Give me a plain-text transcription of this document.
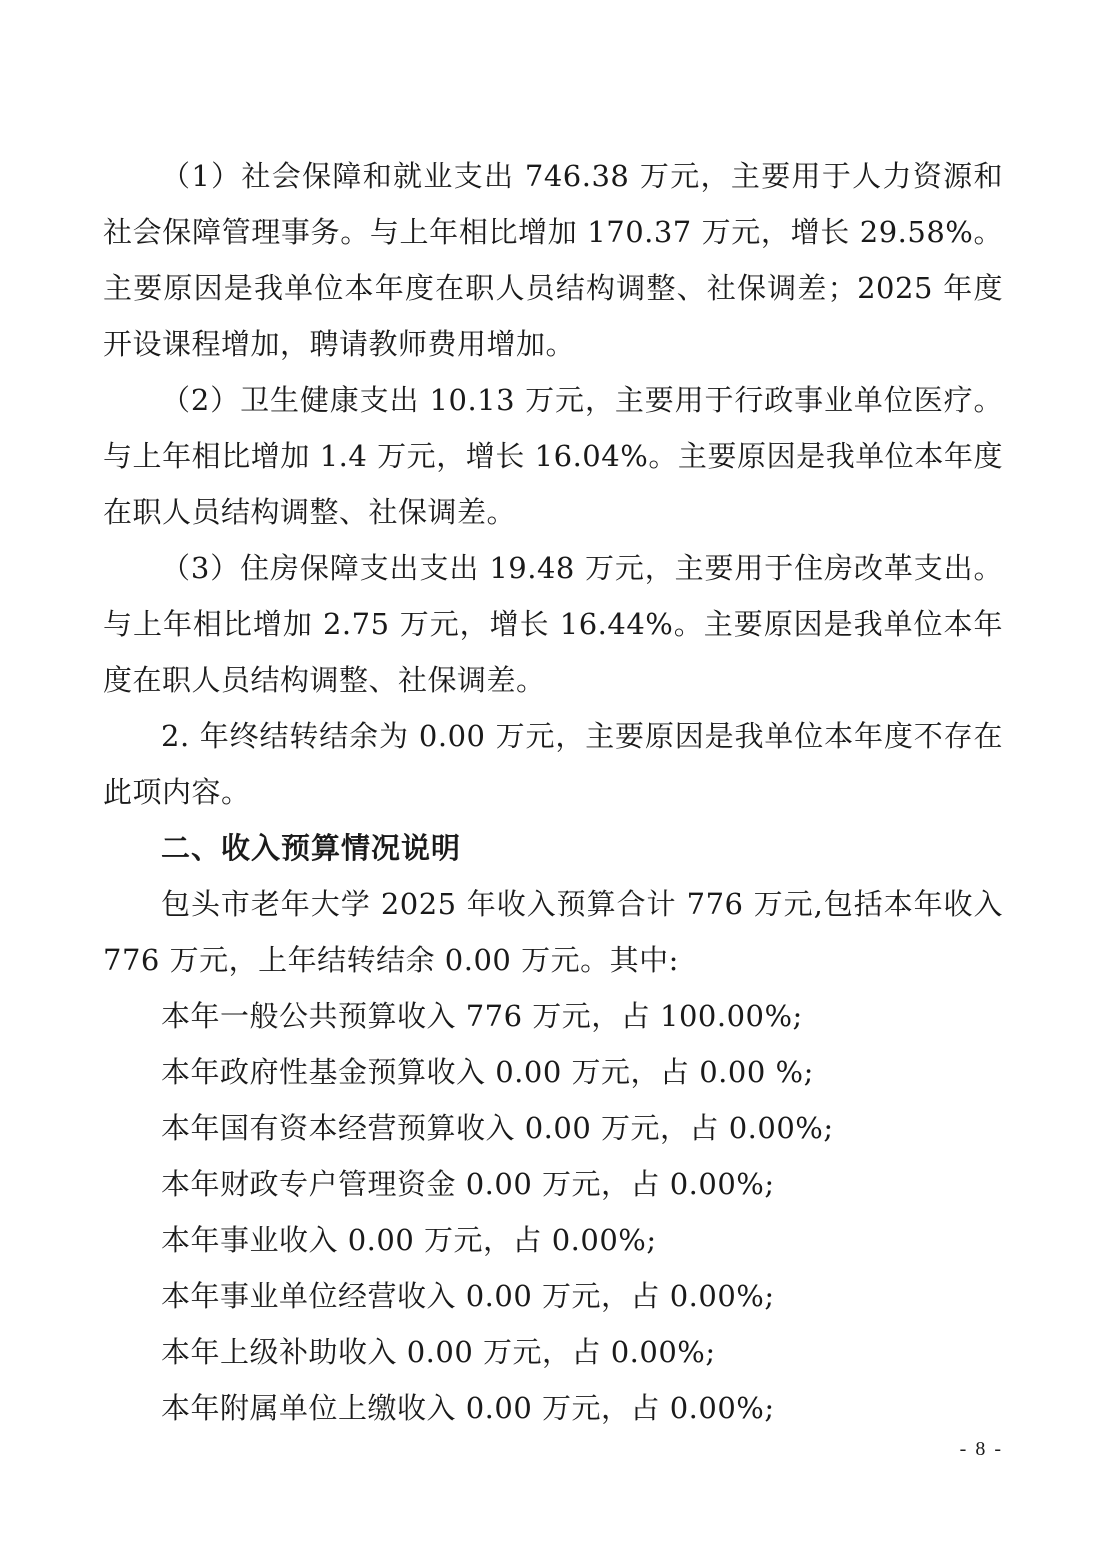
（1）社会保障和就业支出 746.38 万元，主要用于人力资源和社会保障管理事务。与上年相比增加 170.37 万元，增长 29.58%。主要原因是我单位本年度在职人员结构调整、社保调差；2025 年度开设课程增加，聘请教师费用增加。

（2）卫生健康支出 10.13 万元，主要用于行政事业单位医疗。与上年相比增加 1.4 万元，增长 16.04%。主要原因是我单位本年度在职人员结构调整、社保调差。

（3）住房保障支出支出 19.48 万元，主要用于住房改革支出。与上年相比增加 2.75 万元，增长 16.44%。主要原因是我单位本年度在职人员结构调整、社保调差。

2. 年终结转结余为 0.00 万元，主要原因是我单位本年度不存在此项内容。

二、收入预算情况说明

包头市老年大学 2025 年收入预算合计 776 万元,包括本年收入 776 万元，上年结转结余 0.00 万元。其中:

本年一般公共预算收入 776 万元，占 100.00%;

本年政府性基金预算收入 0.00 万元，占 0.00 %;

本年国有资本经营预算收入 0.00 万元，占 0.00%;

本年财政专户管理资金 0.00 万元，占 0.00%;

本年事业收入 0.00 万元，占 0.00%;

本年事业单位经营收入 0.00 万元，占 0.00%;

本年上级补助收入 0.00 万元，占 0.00%;

本年附属单位上缴收入 0.00 万元，占 0.00%;

- 8 -
